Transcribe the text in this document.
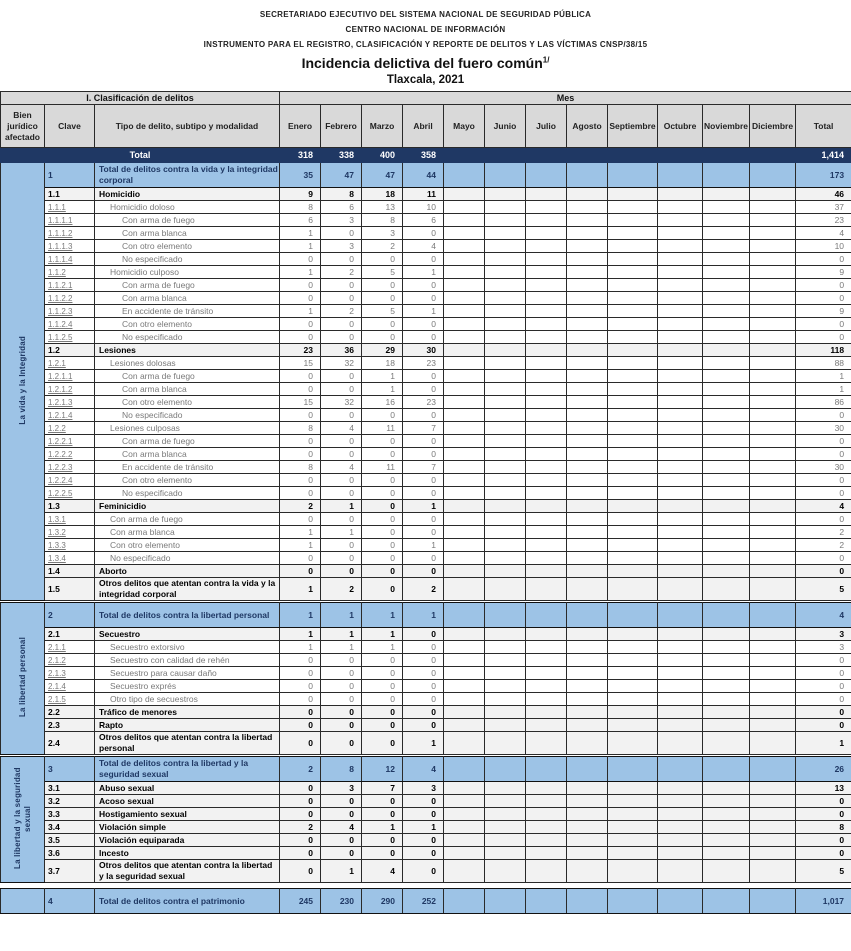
SECRETARIADO EJECUTIVO DEL SISTEMA NACIONAL DE SEGURIDAD PÚBLICA
CENTRO NACIONAL DE INFORMACIÓN
INSTRUMENTO PARA EL REGISTRO, CLASIFICACIÓN Y REPORTE DE DELITOS Y LAS VÍCTIMAS CNSP/38/15
Incidencia delictiva del fuero común$^{1/}$
Tlaxcala, 2021
I. Clasificación de delitos			Mes												
Bien jurídico afectado	Clave	Tipo de delito, subtipo y modalidad	Enero	Febrero	Marzo	Abril	Mayo	Junio	Julio	Agosto	Septiembre	Octubre	Noviembre	Diciembre	Total
Total			318	338	400	358									1,414
La vida y la Integridad	1	Total de delitos contra la vida y la integridad corporal	35	47	47	44									173
	1.1	Homicidio	9	8	18	11									46
	1.1.1	Homicidio doloso	8	6	13	10									37
	1.1.1.1	Con arma de fuego	6	3	8	6									23
	1.1.1.2	Con arma blanca	1	0	3	0									4
	1.1.1.3	Con otro elemento	1	3	2	4									10
	1.1.1.4	No especificado	0	0	0	0									0
	1.1.2	Homicidio culposo	1	2	5	1									9
	1.1.2.1	Con arma de fuego	0	0	0	0									0
	1.1.2.2	Con arma blanca	0	0	0	0									0
	1.1.2.3	En accidente de tránsito	1	2	5	1									9
	1.1.2.4	Con otro elemento	0	0	0	0									0
	1.1.2.5	No especificado	0	0	0	0									0
	1.2	Lesiones	23	36	29	30									118
	1.2.1	Lesiones dolosas	15	32	18	23									88
	1.2.1.1	Con arma de fuego	0	0	1	0									1
	1.2.1.2	Con arma blanca	0	0	1	0									1
	1.2.1.3	Con otro elemento	15	32	16	23									86
	1.2.1.4	No especificado	0	0	0	0									0
	1.2.2	Lesiones culposas	8	4	11	7									30
	1.2.2.1	Con arma de fuego	0	0	0	0									0
	1.2.2.2	Con arma blanca	0	0	0	0									0
	1.2.2.3	En accidente de tránsito	8	4	11	7									30
	1.2.2.4	Con otro elemento	0	0	0	0									0
	1.2.2.5	No especificado	0	0	0	0									0
	1.3	Feminicidio	2	1	0	1									4
	1.3.1	Con arma de fuego	0	0	0	0									0
	1.3.2	Con arma blanca	1	1	0	0									2
	1.3.3	Con otro elemento	1	0	0	1									2
	1.3.4	No especificado	0	0	0	0									0
	1.4	Aborto	0	0	0	0									0
	1.5	Otros delitos que atentan contra la vida y la integridad corporal	1	2	0	2									5

La libertad personal	2	Total de delitos contra la libertad personal	1	1	1	1									4
	2.1	Secuestro	1	1	1	0									3
	2.1.1	Secuestro extorsivo	1	1	1	0									3
	2.1.2	Secuestro con calidad de rehén	0	0	0	0									0
	2.1.3	Secuestro para causar daño	0	0	0	0									0
	2.1.4	Secuestro exprés	0	0	0	0									0
	2.1.5	Otro tipo de secuestros	0	0	0	0									0
	2.2	Tráfico de menores	0	0	0	0									0
	2.3	Rapto	0	0	0	0									0
	2.4	Otros delitos que atentan contra la libertad personal	0	0	0	1									1

La libertad y la seguridad sexual	3	Total de delitos contra la libertad y la seguridad sexual	2	8	12	4									26
	3.1	Abuso sexual	0	3	7	3									13
	3.2	Acoso sexual	0	0	0	0									0
	3.3	Hostigamiento sexual	0	0	0	0									0
	3.4	Violación simple	2	4	1	1									8
	3.5	Violación equiparada	0	0	0	0									0
	3.6	Incesto	0	0	0	0									0
	3.7	Otros delitos que atentan contra la libertad y la seguridad sexual	0	1	4	0									5

	4	Total de delitos contra el patrimonio	245	230	290	252									1,017
